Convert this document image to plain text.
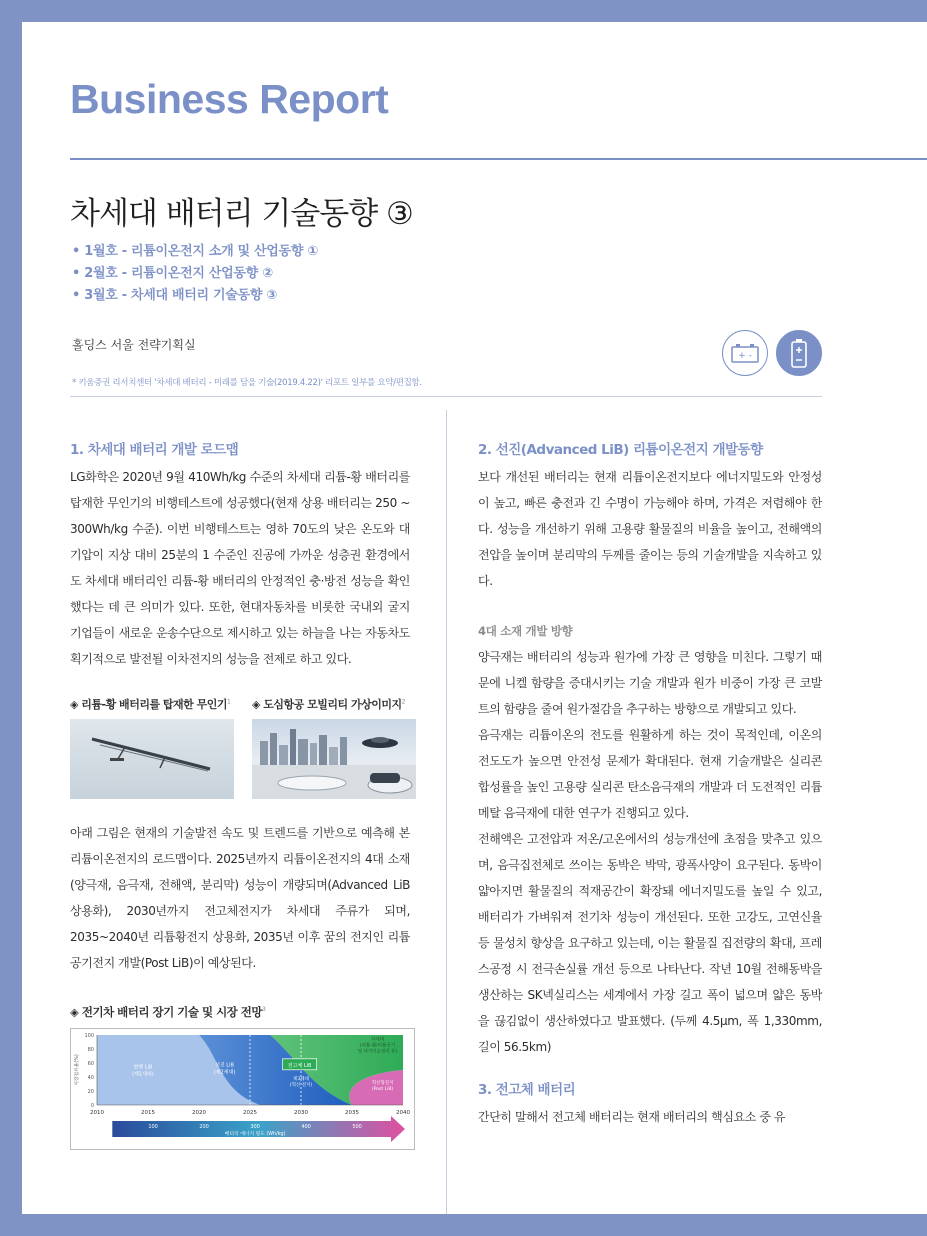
Business Report
차세대 배터리 기술동향 ③
• 1월호 - 리튬이온전지 소개 및 산업동향 ①
• 2월호 - 리튬이온전지 산업동향 ②
• 3월호 - 차세대 배터리 기술동향 ③
홀딩스 서울 전략기획실
* 키움증권 리서치센터 '차세대 배터리 - 미래를 담을 기술(2019.4.22)' 리포트 일부를 요약/편집함.
+ -
1. 차세대 배터리 개발 로드맵

LG화학은 2020년 9월 410Wh/kg 수준의 차세대 리튬-황 배터리를 탑재한 무인기의 비행테스트에 성공했다(현재 상용 배터리는 250 ~ 300Wh/kg 수준). 이번 비행테스트는 영하 70도의 낮은 온도와 대기압이 지상 대비 25분의 1 수준인 진공에 가까운 성층권 환경에서도 차세대 배터리인 리튬-황 배터리의 안정적인 충·방전 성능을 확인했다는 데 큰 의미가 있다. 또한, 현대자동차를 비롯한 국내외 굴지 기업들이 새로운 운송수단으로 제시하고 있는 하늘을 나는 자동차도 획기적으로 발전될 이차전지의 성능을 전제로 하고 있다.

◈ 리튬-황 배터리를 탑재한 무인기$^1$ ◈ 도심항공 모빌리티 가상이미지$^2$

아래 그림은 현재의 기술발전 속도 및 트렌드를 기반으로 예측해 본 리튬이온전지의 로드맵이다. 2025년까지 리튬이온전지의 4대 소재(양극재, 음극재, 전해액, 분리막) 성능이 개량되며(Advanced LiB 상용화), 2030년까지 전고체전지가 차세대 주류가 되며, 2035~2040년 리튬황전지 상용화, 2035년 이후 꿈의 전지인 리튬공기전지 개발(Post LiB)이 예상된다.

◈ 전기차 배터리 장기 기술 및 시장 전망$^3$
100
80
60
40
20
0
2010	2015	2020	2025	2030	2035	2040
시장점유율(%)	현행 LiB
(제1세대)
선진 LiB
(제2세대)
전고체 LiB
차세대
(리튬-황/리튬공기
및 다가이온전지 등)
제3세대
(혁신 전지)	혁신형전지
(Post LiB)
100	200	300	400	500
배터리 에너지 밀도 (Wh/kg)
2. 선진(Advanced LiB) 리튬이온전지 개발동향

보다 개선된 배터리는 현재 리튬이온전지보다 에너지밀도와 안정성이 높고, 빠른 충전과 긴 수명이 가능해야 하며, 가격은 저렴해야 한다. 성능을 개선하기 위해 고용량 활물질의 비율을 높이고, 전해액의 전압을 높이며 분리막의 두께를 줄이는 등의 기술개발을 지속하고 있다.

4대 소재 개발 방향

양극재는 배터리의 성능과 원가에 가장 큰 영향을 미친다. 그렇기 때문에 니켈 함량을 증대시키는 기술 개발과 원가 비중이 가장 큰 코발트의 함량을 줄여 원가절감을 추구하는 방향으로 개발되고 있다.

음극재는 리튬이온의 전도를 원활하게 하는 것이 목적인데, 이온의 전도도가 높으면 안전성 문제가 확대된다. 현재 기술개발은 실리콘 합성률을 높인 고용량 실리콘 탄소음극재의 개발과 더 도전적인 리튬메탈 음극재에 대한 연구가 진행되고 있다.

전해액은 고전압과 저온/고온에서의 성능개선에 초점을 맞추고 있으며, 음극집전체로 쓰이는 동박은 박막, 광폭사양이 요구된다. 동박이 얇아지면 활물질의 적재공간이 확장돼 에너지밀도를 높일 수 있고, 배터리가 가벼워져 전기차 성능이 개선된다. 또한 고강도, 고연신율 등 물성치 향상을 요구하고 있는데, 이는 활물질 집전량의 확대, 프레스공정 시 전극손실률 개선 등으로 나타난다. 작년 10월 전해동박을 생산하는 SK넥실리스는 세계에서 가장 길고 폭이 넓으며 얇은 동박을 끊김없이 생산하였다고 발표했다. (두께 4.5μm, 폭 1,330mm, 길이 56.5km)

3. 전고체 배터리

간단히 말해서 전고체 배터리는 현재 배터리의 핵심요소 중 유
